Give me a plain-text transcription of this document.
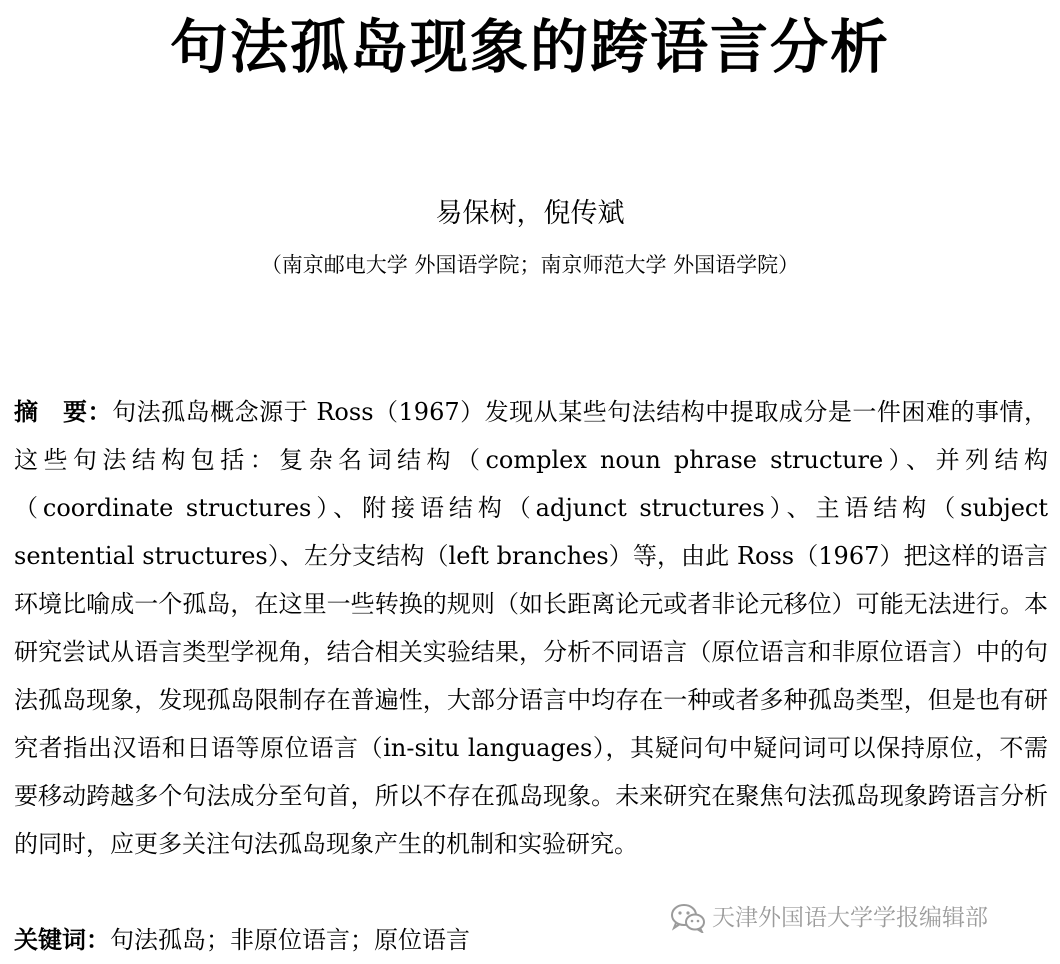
句法孤岛现象的跨语言分析

易保树，倪传斌

（南京邮电大学 外国语学院；南京师范大学 外国语学院）

摘　要：句法孤岛概念源于 Ross（1967）发现从某些句法结构中提取成分是一件困难的事情，这些句法结构包括：复杂名词结构（complex noun phrase structure）、并列结构（coordinate structures）、附接语结构（adjunct structures）、主语结构（subject sentential structures）、左分支结构（left branches）等，由此 Ross（1967）把这样的语言环境比喻成一个孤岛，在这里一些转换的规则（如长距离论元或者非论元移位）可能无法进行。本研究尝试从语言类型学视角，结合相关实验结果，分析不同语言（原位语言和非原位语言）中的句法孤岛现象，发现孤岛限制存在普遍性，大部分语言中均存在一种或者多种孤岛类型，但是也有研究者指出汉语和日语等原位语言（in-situ languages），其疑问句中疑问词可以保持原位，不需要移动跨越多个句法成分至句首，所以不存在孤岛现象。未来研究在聚焦句法孤岛现象跨语言分析的同时，应更多关注句法孤岛现象产生的机制和实验研究。

关键词：句法孤岛；非原位语言；原位语言

天津外国语大学学报编辑部
